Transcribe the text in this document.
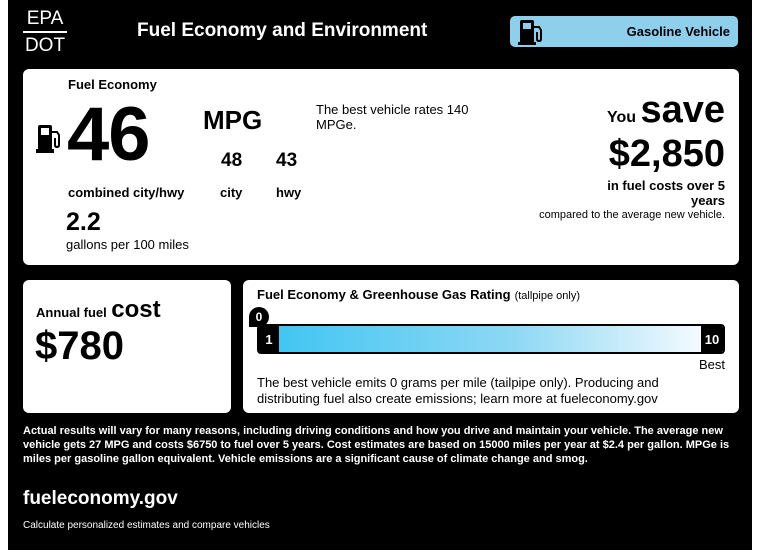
EPA
DOT
Fuel Economy and Environment	Gasoline Vehicle
Fuel Economy
46 MPG
48 43
combined city/hwy	city	hwy
2.2
gallons per 100 miles
The best vehicle rates 140 MPGe.	You save
$2,850
in fuel costs over 5 years
compared to the average new vehicle.
Annual fuel cost
$780
Fuel Economy & Greenhouse Gas Rating (tallpipe only)
1	10
0
Best
The best vehicle emits 0 grams per mile (tailpipe only). Producing and distributing fuel also create emissions; learn more at fueleconomy.gov
Actual results will vary for many reasons, including driving conditions and how you drive and maintain your vehicle. The average new vehicle gets 27 MPG and costs $6750 to fuel over 5 years. Cost estimates are based on 15000 miles per year at $2.4 per gallon. MPGe is miles per gasoline gallon equivalent. Vehicle emissions are a significant cause of climate change and smog.
fueleconomy.gov
Calculate personalized estimates and compare vehicles
